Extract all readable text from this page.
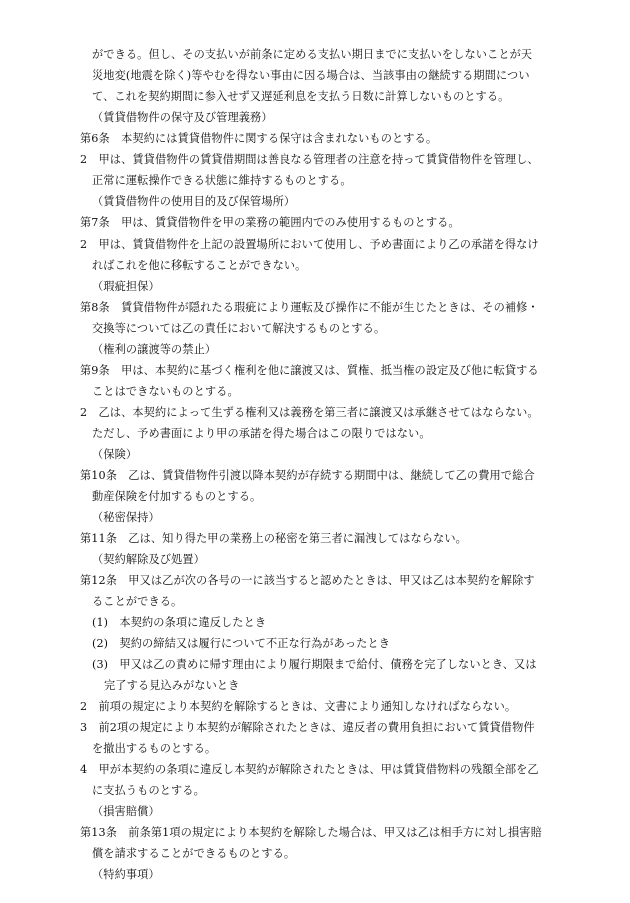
ができる。但し、その支払いが前条に定める支払い期日までに支払いをしないことが天
災地変(地震を除く)等やむを得ない事由に因る場合は、当該事由の継続する期間につい
て、これを契約期間に参入せず又遅延利息を支払う日数に計算しないものとする。
（賃貸借物件の保守及び管理義務）
第6条　本契約には賃貸借物件に関する保守は含まれないものとする。
2　甲は、賃貸借物件の賃貸借期間は善良なる管理者の注意を持って賃貸借物件を管理し、
正常に運転操作できる状態に維持するものとする。
（賃貸借物件の使用目的及び保管場所）
第7条　甲は、賃貸借物件を甲の業務の範囲内でのみ使用するものとする。
2　甲は、賃貸借物件を上記の設置場所において使用し、予め書面により乙の承諾を得なけ
ればこれを他に移転することができない。
（瑕疵担保）
第8条　賃貸借物件が隠れたる瑕疵により運転及び操作に不能が生じたときは、その補修・
交換等については乙の責任において解決するものとする。
（権利の譲渡等の禁止）
第9条　甲は、本契約に基づく権利を他に譲渡又は、質権、抵当権の設定及び他に転貸する
ことはできないものとする。
2　乙は、本契約によって生ずる権利又は義務を第三者に譲渡又は承継させてはならない。
ただし、予め書面により甲の承諾を得た場合はこの限りではない。
（保険）
第10条　乙は、賃貸借物件引渡以降本契約が存続する期間中は、継続して乙の費用で総合
動産保険を付加するものとする。
（秘密保持）
第11条　乙は、知り得た甲の業務上の秘密を第三者に漏洩してはならない。
（契約解除及び処置）
第12条　甲又は乙が次の各号の一に該当すると認めたときは、甲又は乙は本契約を解除す
ることができる。
(1)　本契約の条項に違反したとき
(2)　契約の締結又は履行について不正な行為があったとき
(3)　甲又は乙の責めに帰す理由により履行期限まで給付、債務を完了しないとき、又は
完了する見込みがないとき
2　前項の規定により本契約を解除するときは、文書により通知しなければならない。
3　前2項の規定により本契約が解除されたときは、違反者の費用負担において賃貸借物件
を撤出するものとする。
4　甲が本契約の条項に違反し本契約が解除されたときは、甲は賃貸借物料の残額全部を乙
に支払うものとする。
（損害賠償）
第13条　前条第1項の規定により本契約を解除した場合は、甲又は乙は相手方に対し損害賠
償を請求することができるものとする。
（特約事項）
